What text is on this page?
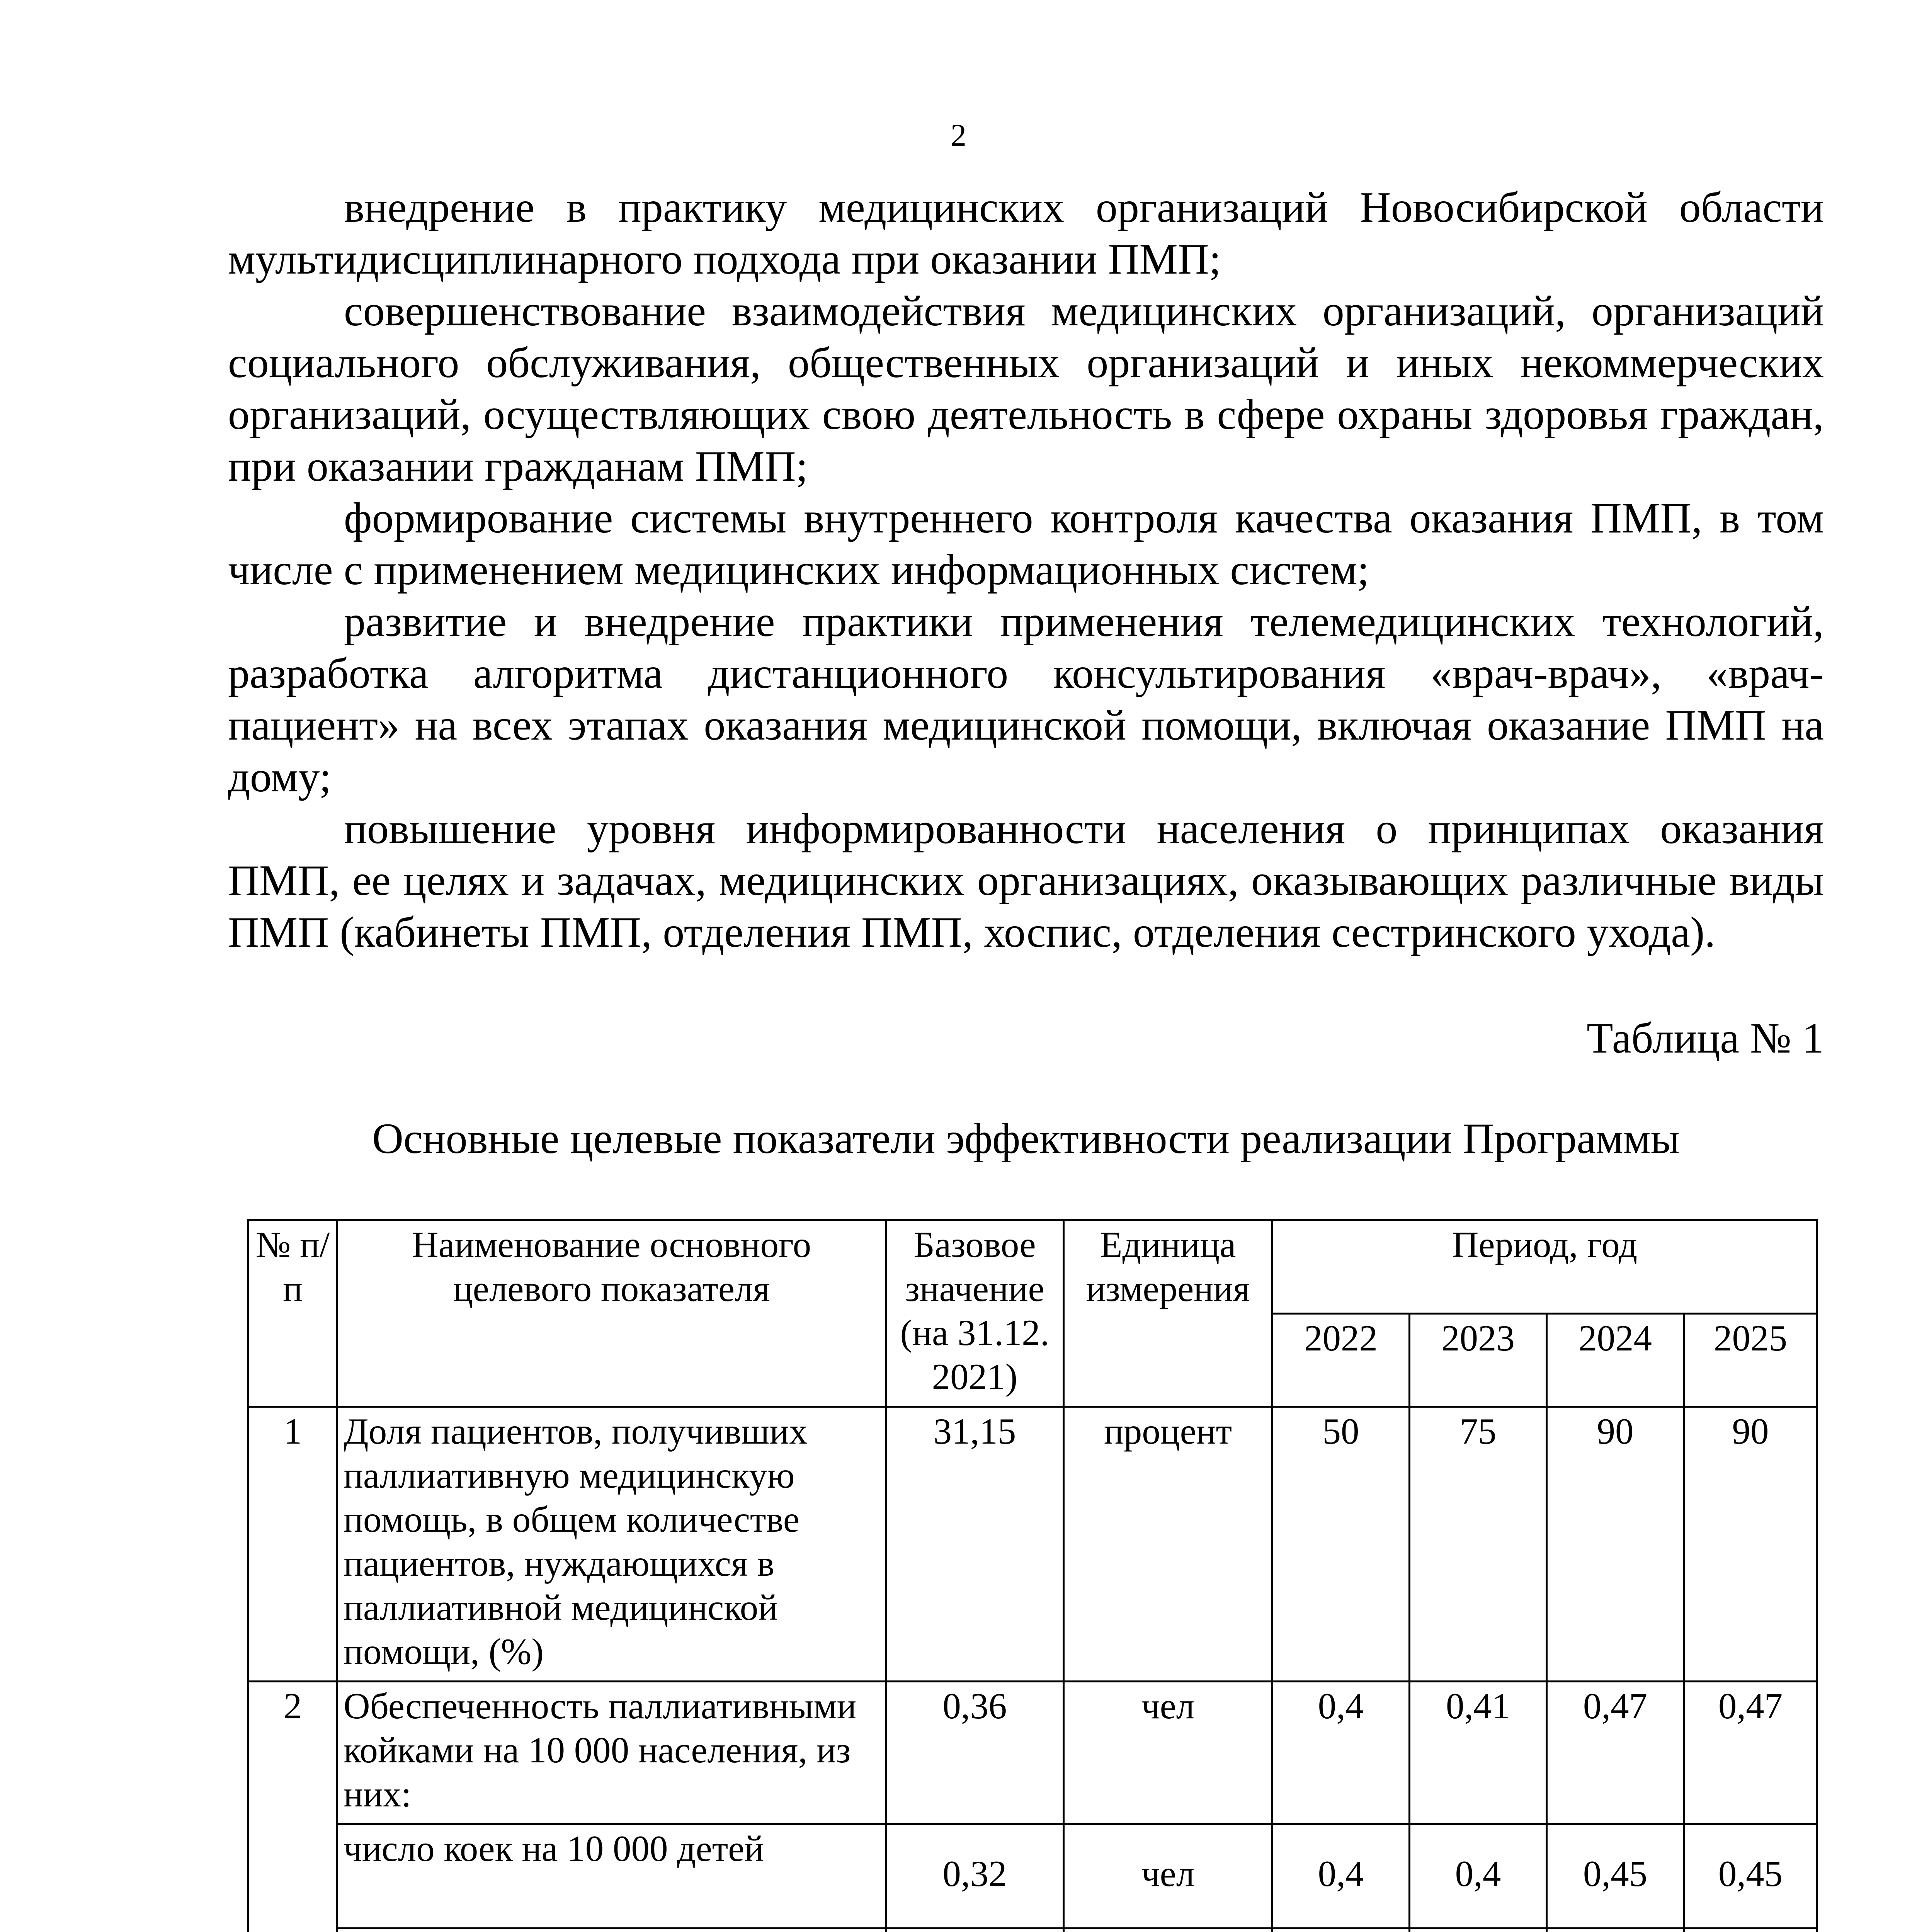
2

внедрение в практику медицинских организаций Новосибирской области мультидисциплинарного подхода при оказании ПМП;

совершенствование взаимодействия медицинских организаций, организаций социального обслуживания, общественных организаций и иных некоммерческих организаций, осуществляющих свою деятельность в сфере охраны здоровья граждан, при оказании гражданам ПМП;

формирование системы внутреннего контроля качества оказания ПМП, в том числе с применением медицинских информационных систем;

развитие и внедрение практики применения телемедицинских технологий, разработка алгоритма дистанционного консультирования «врач-врач», «врач-пациент» на всех этапах оказания медицинской помощи, включая оказание ПМП на дому;

повышение уровня информированности населения о принципах оказания ПМП, ее целях и задачах, медицинских организациях, оказывающих различные виды ПМП (кабинеты ПМП, отделения ПМП, хоспис, отделения сестринского ухода).

Таблица № 1
Основные целевые показатели эффективности реализации Программы
№ п/п	Наименование основного целевого показателя	Базовое значение (на 31.12. 2021)	Единица измерения	Период, год			
				2022	2023	2024	2025
1	Доля пациентов, получивших паллиативную медицинскую помощь, в общем количестве пациентов, нуждающихся в паллиативной медицинской помощи, (%)	31,15	процент	50	75	90	90
2	Обеспеченность паллиативными койками на 10 000 населения, из них:	0,36	чел	0,4	0,41	0,47	0,47
	число коек на 10 000 детей	0,32	чел	0,4	0,4	0,45	0,45
